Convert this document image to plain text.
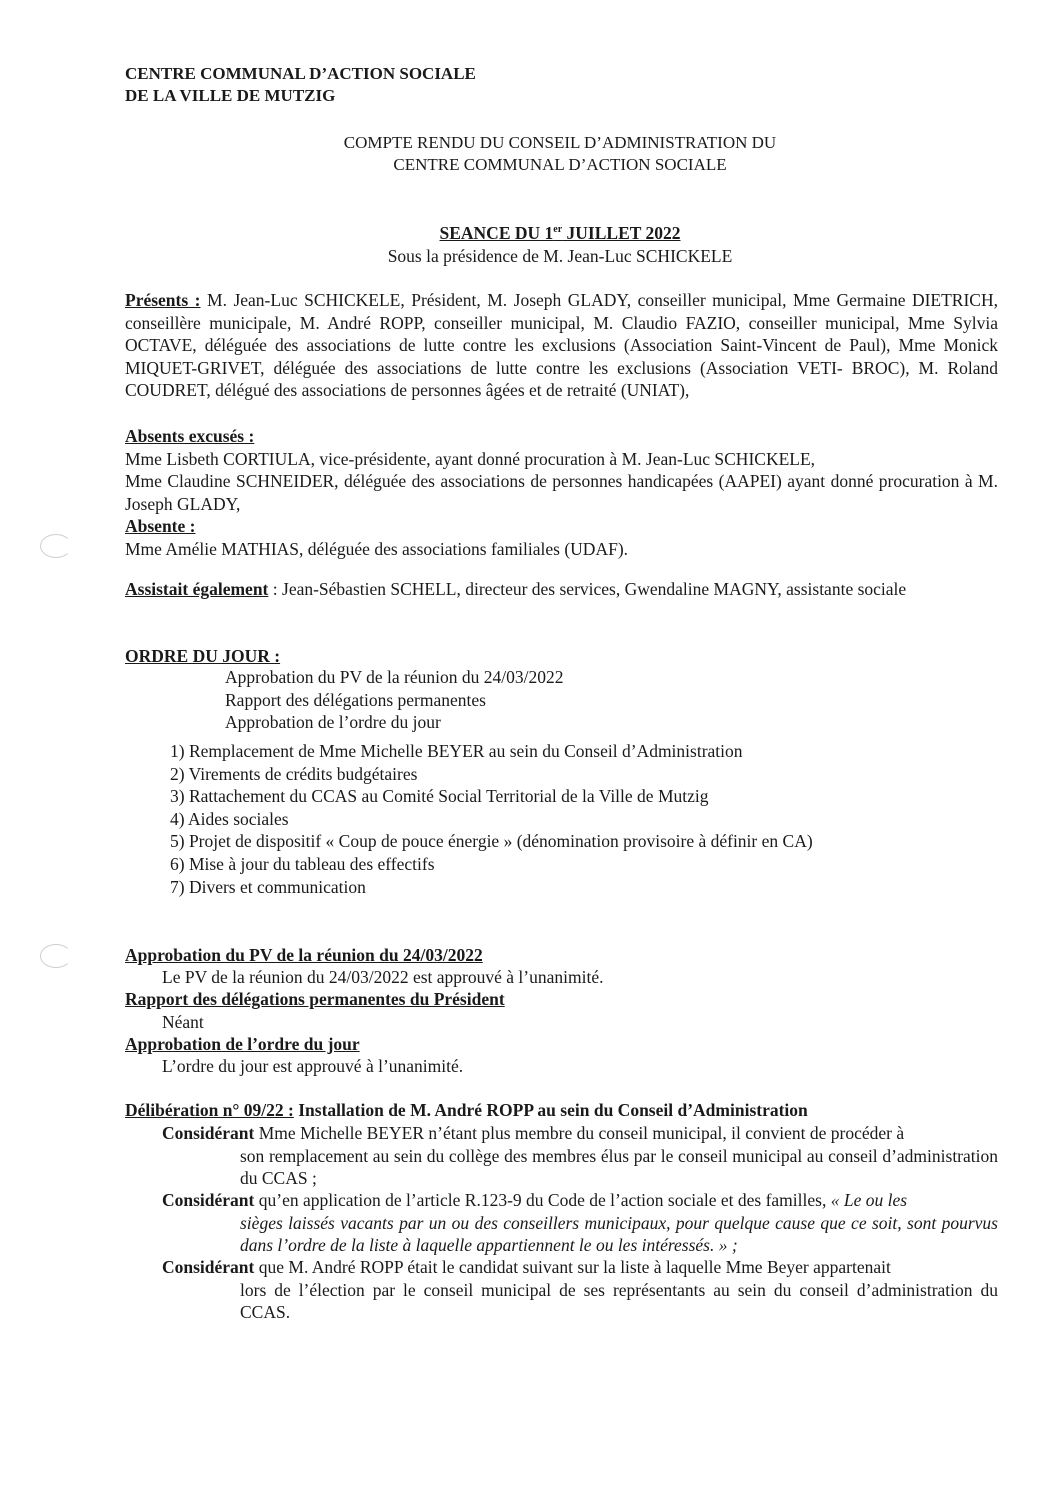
CENTRE COMMUNAL D’ACTION SOCIALE
DE LA VILLE DE MUTZIG
COMPTE RENDU DU CONSEIL D’ADMINISTRATION DU
CENTRE COMMUNAL D’ACTION SOCIALE
SEANCE DU 1er JUILLET 2022
Sous la présidence de M. Jean-Luc SCHICKELE
Présents : M. Jean-Luc SCHICKELE, Président, M. Joseph GLADY, conseiller municipal, Mme Germaine DIETRICH, conseillère municipale, M. André ROPP, conseiller municipal, M. Claudio FAZIO, conseiller municipal, Mme Sylvia OCTAVE, déléguée des associations de lutte contre les exclusions (Association Saint-Vincent de Paul), Mme Monick MIQUET-GRIVET, déléguée des associations de lutte contre les exclusions (Association VETI- BROC), M. Roland COUDRET, délégué des associations de personnes âgées et de retraité (UNIAT),
Absents excusés :
Mme Lisbeth CORTIULA, vice-présidente, ayant donné procuration à M. Jean-Luc SCHICKELE,
Mme Claudine SCHNEIDER, déléguée des associations de personnes handicapées (AAPEI) ayant donné procuration à M. Joseph GLADY,
Absente :
Mme Amélie MATHIAS, déléguée des associations familiales (UDAF).
Assistait également : Jean-Sébastien SCHELL, directeur des services, Gwendaline MAGNY, assistante sociale
ORDRE DU JOUR :
Approbation du PV de la réunion du 24/03/2022
Rapport des délégations permanentes
Approbation de l’ordre du jour
1) Remplacement de Mme Michelle BEYER au sein du Conseil d’Administration
2) Virements de crédits budgétaires
3) Rattachement du CCAS au Comité Social Territorial de la Ville de Mutzig
4) Aides sociales
5) Projet de dispositif « Coup de pouce énergie » (dénomination provisoire à définir en CA)
6) Mise à jour du tableau des effectifs
7) Divers et communication
Approbation du PV de la réunion du 24/03/2022
Le PV de la réunion du 24/03/2022 est approuvé à l’unanimité.
Rapport des délégations permanentes du Président
Néant
Approbation de l’ordre du jour
L’ordre du jour est approuvé à l’unanimité.
Délibération n° 09/22 : Installation de M. André ROPP au sein du Conseil d’Administration
Considérant Mme Michelle BEYER n’étant plus membre du conseil municipal, il convient de procéder à
son remplacement au sein du collège des membres élus par le conseil municipal au conseil d’administration du CCAS ;
Considérant qu’en application de l’article R.123-9 du Code de l’action sociale et des familles, « Le ou les
sièges laissés vacants par un ou des conseillers municipaux, pour quelque cause que ce soit, sont pourvus dans l’ordre de la liste à laquelle appartiennent le ou les intéressés. » ;
Considérant que M. André ROPP était le candidat suivant sur la liste à laquelle Mme Beyer appartenait
lors de l’élection par le conseil municipal de ses représentants au sein du conseil d’administration du CCAS.
